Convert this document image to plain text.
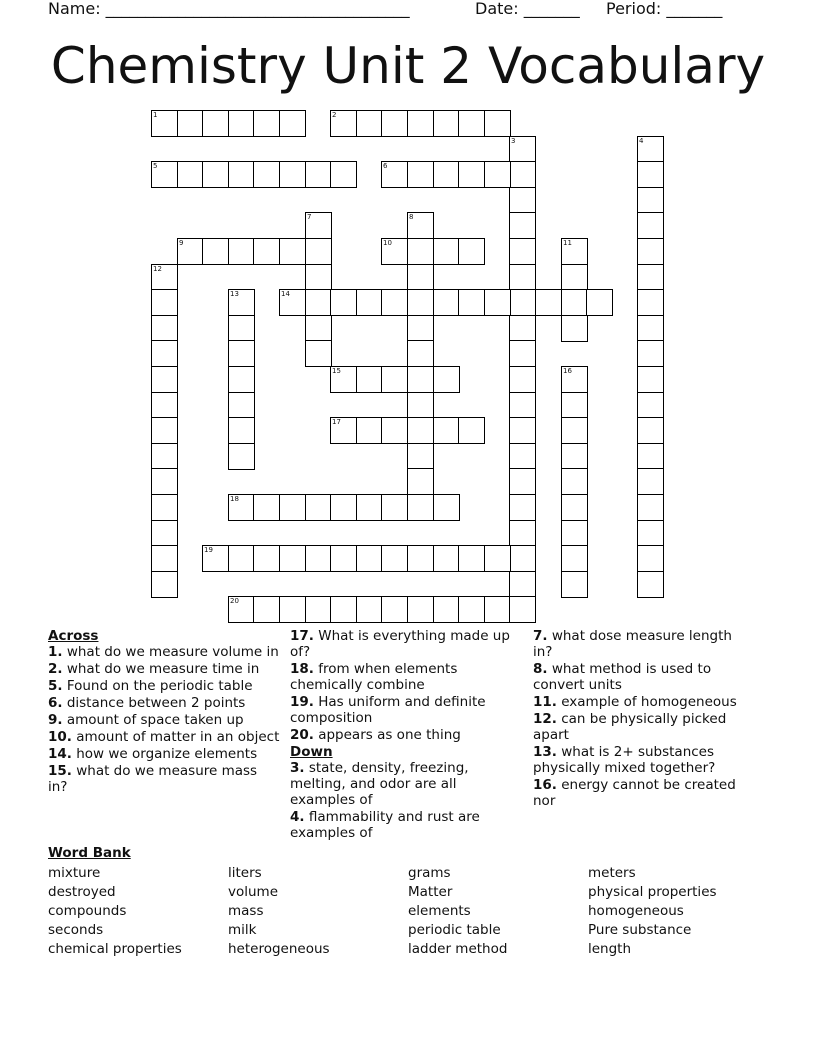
Name: ______________________________________

	Date: _______

Period: _______

Chemistry Unit 2 Vocabulary
1	2
3	4
5	6
7	8
9	10	11
12
13	14
15	16
17
18
19
20

Across

1. what do we measure volume in

2. what do we measure time in

5. Found on the periodic table

6. distance between 2 points

9. amount of space taken up

10. amount of matter in an object

14. how we organize elements

15. what do we measure mass in?

17. What is everything made up of?

18. from when elements chemically combine

19. Has uniform and definite composition

20. appears as one thing

Down

3. state, density, freezing, melting, and odor are all examples of

4. flammability and rust are examples of

7. what dose measure length in?

8. what method is used to convert units

11. example of homogeneous

12. can be physically picked apart

13. what is 2+ substances physically mixed together?

16. energy cannot be created nor

Word Bank
mixture
destroyed
compounds
seconds
chemical properties
liters
volume
mass
milk
heterogeneous
grams
Matter
elements
periodic table
ladder method
meters
physical properties
homogeneous
Pure substance
length
